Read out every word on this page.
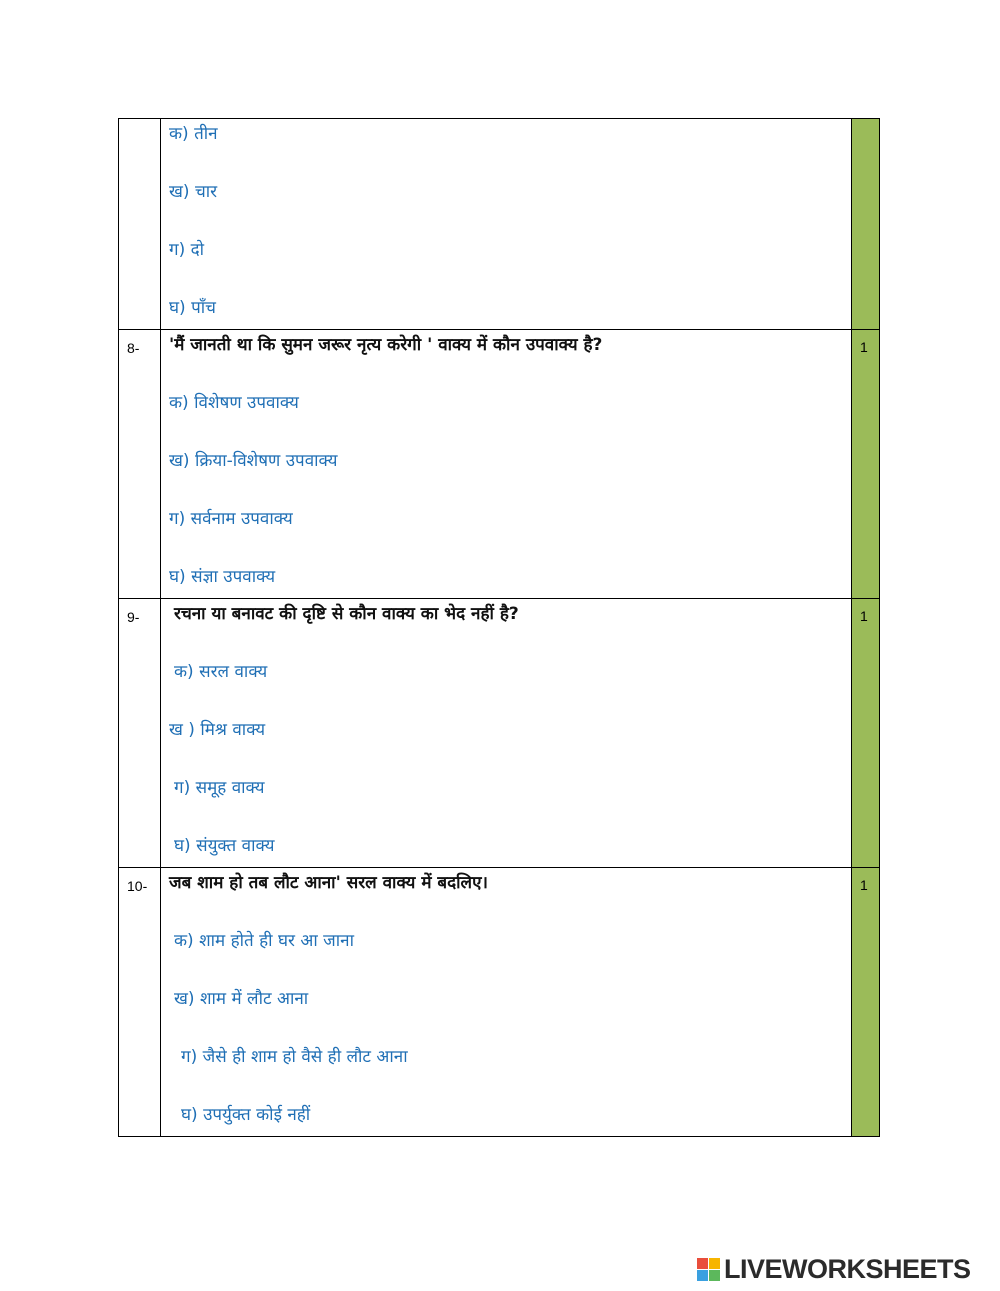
	क) तीन
ख) चार
ग) दो
घ) पाँच	

8-	'मैं जानती था कि सुमन जरूर नृत्य करेगी ' वाक्य में कौन उपवाक्य है?
क) विशेषण उपवाक्य
ख) क्रिया-विशेषण उपवाक्य
ग) सर्वनाम उपवाक्य
घ) संज्ञा उपवाक्य	1

9-	रचना या बनावट की दृष्टि से कौन वाक्य का भेद नहीं है?
क) सरल वाक्य
ख ) मिश्र वाक्य
ग) समूह वाक्य
घ) संयुक्त वाक्य	1

10-	जब शाम हो तब लौट आना' सरल वाक्य में बदलिए।
क) शाम होते ही घर आ जाना
ख) शाम में लौट आना
ग) जैसे ही शाम हो वैसे ही लौट आना
घ) उपर्युक्त कोई नहीं	1
LIVEWORKSHEETS
